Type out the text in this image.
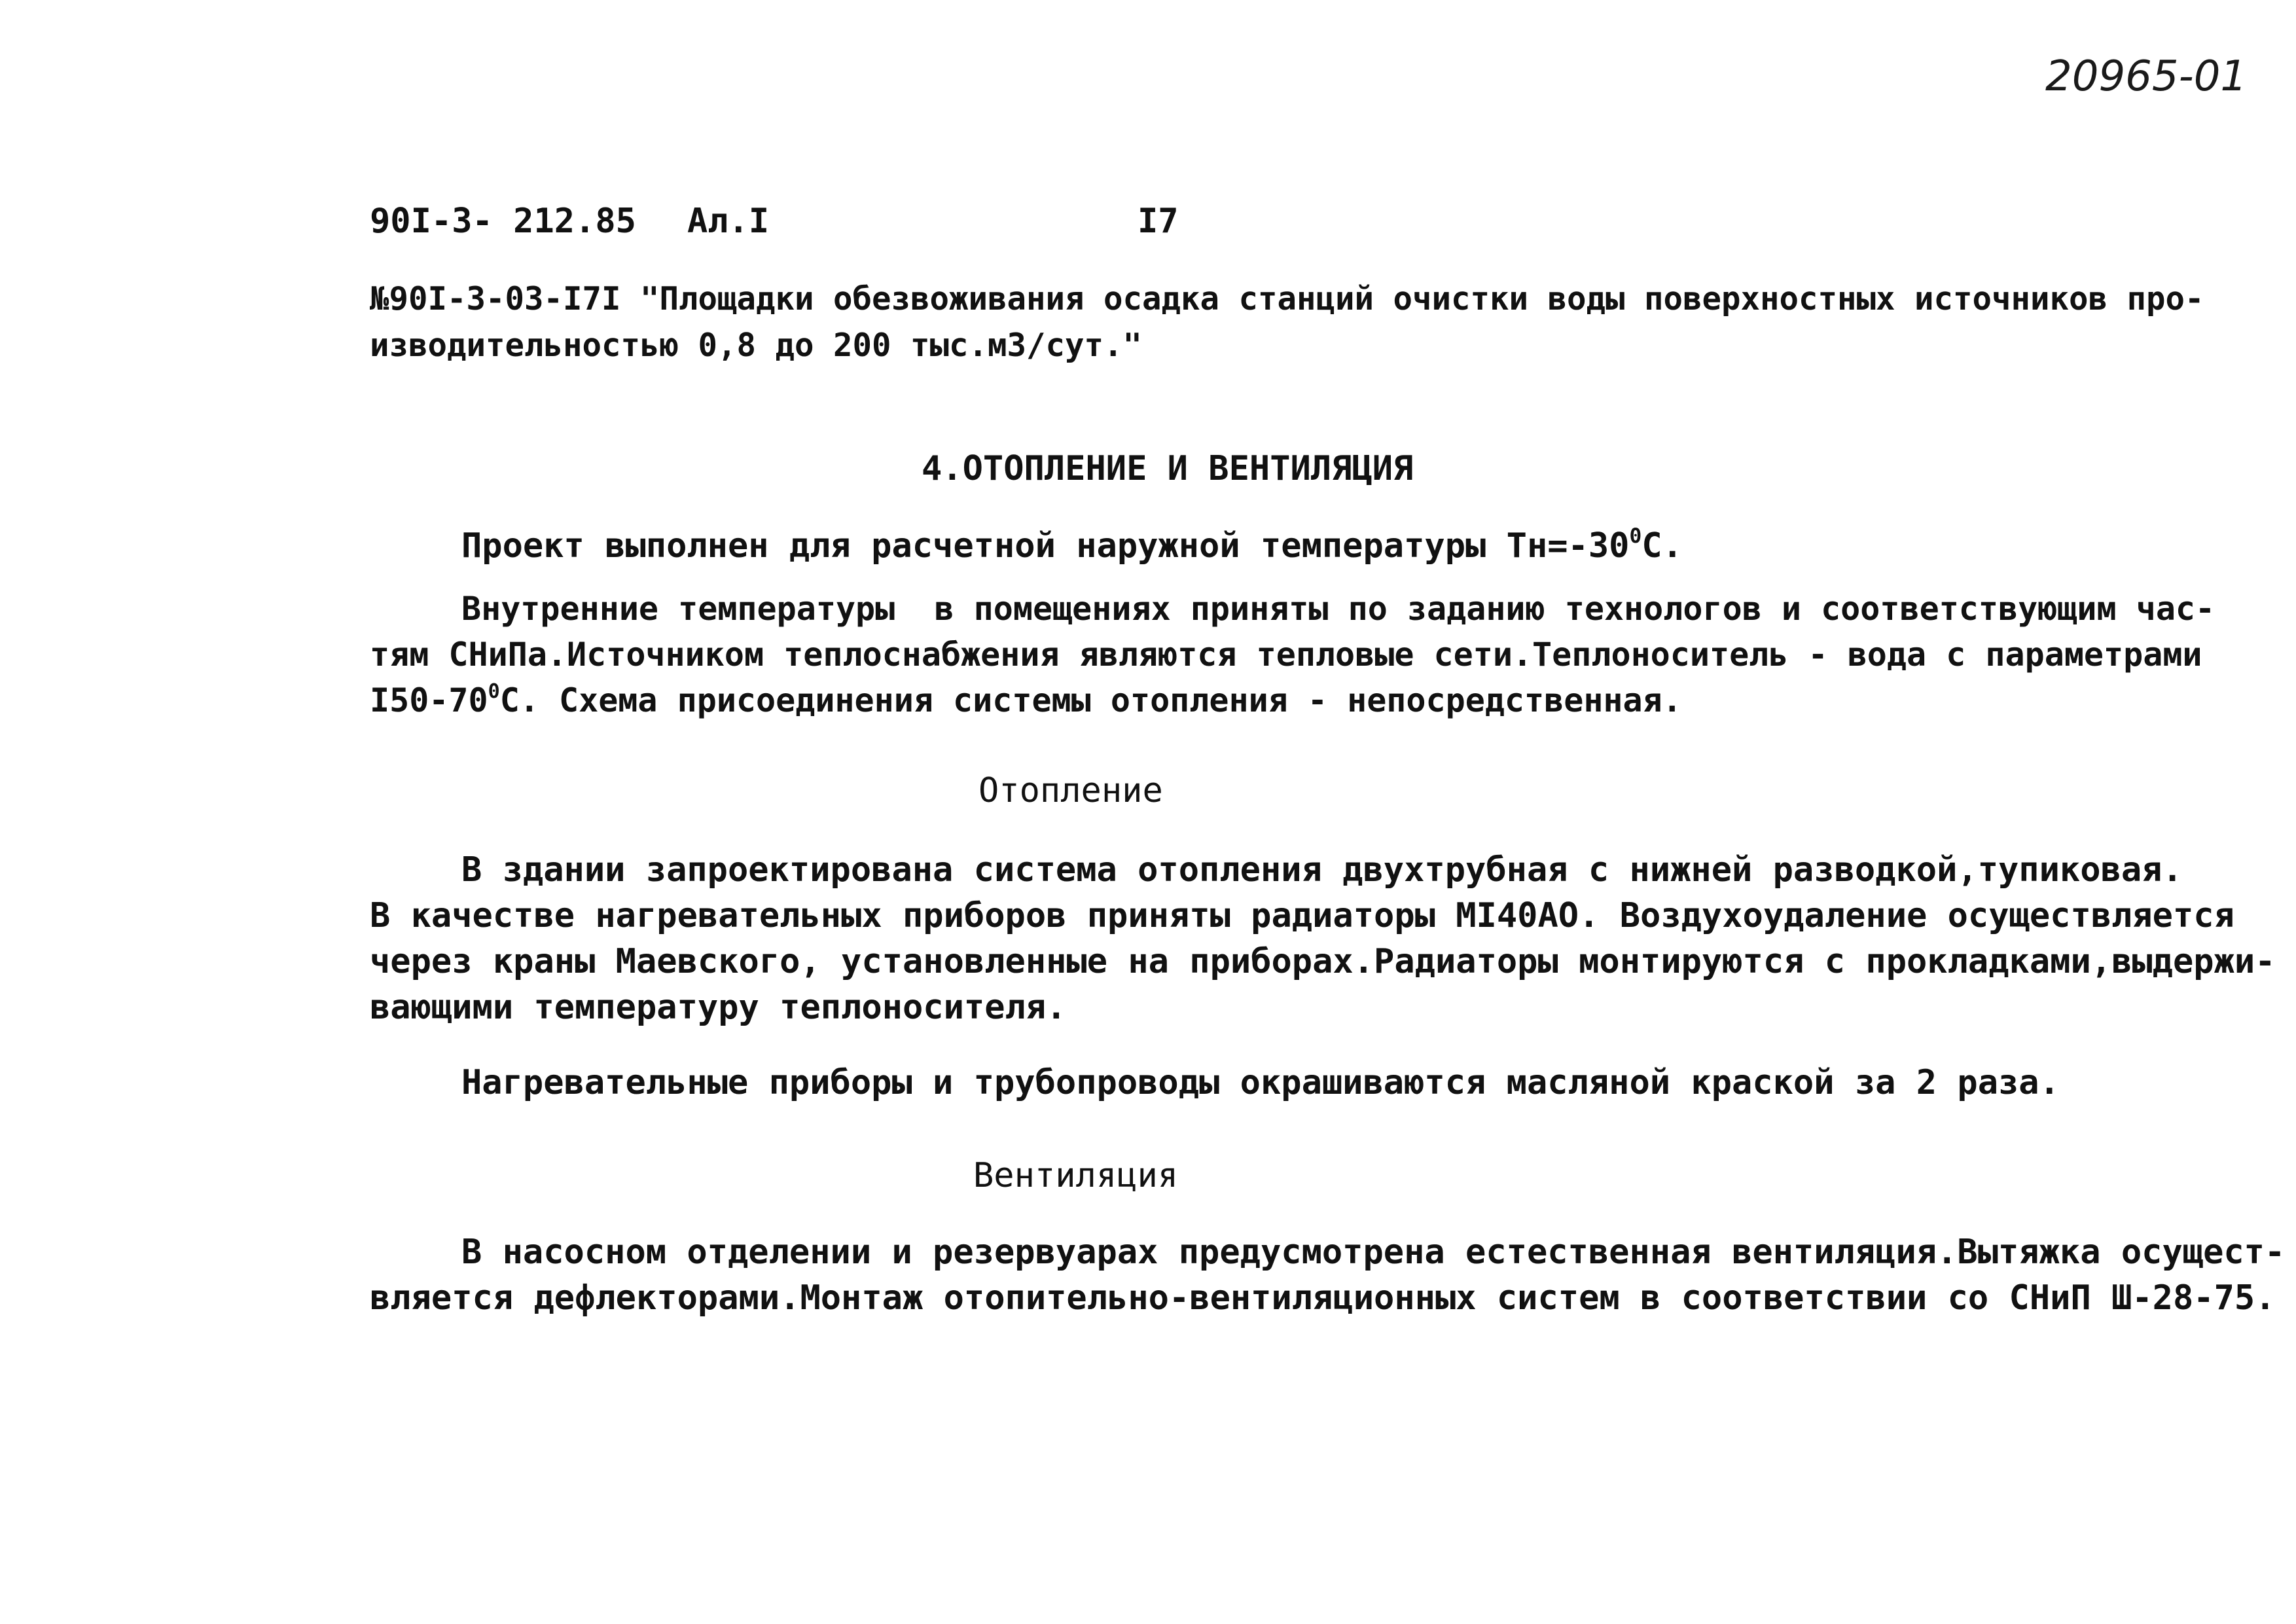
20965-01
90I-3- 212.85 Ал.I	I7
№90I-3-03-I7I "Площадки обезвоживания осадка станций очистки воды поверхностных источников про-
изводительностью 0,8 до 200 тыс.м3/сут."
4.ОТОПЛЕНИЕ И ВЕНТИЛЯЦИЯ
Проект выполнен для расчетной наружной температуры $Тн=-30^0С$.
Внутренние температуры  в помещениях приняты по заданию технологов и соответствующим час-
тям СНиПа.Источником теплоснабжения являются тепловые сети.Теплоноситель - вода с параметрами
$I50-70^0С$. Схема присоединения системы отопления - непосредственная.
Отопление
В здании запроектирована система отопления двухтрубная с нижней разводкой,тупиковая.
В качестве нагревательных приборов приняты радиаторы МI40АО. Воздухоудаление осуществляется
через краны Маевского, установленные на приборах.Радиаторы монтируются с прокладками,выдержи-
вающими температуру теплоносителя.
Нагревательные приборы и трубопроводы окрашиваются масляной краской за 2 раза.
Вентиляция
В насосном отделении и резервуарах предусмотрена естественная вентиляция.Вытяжка осущест-
вляется дефлекторами.Монтаж отопительно-вентиляционных систем в соответствии со СНиП Ш-28-75.
